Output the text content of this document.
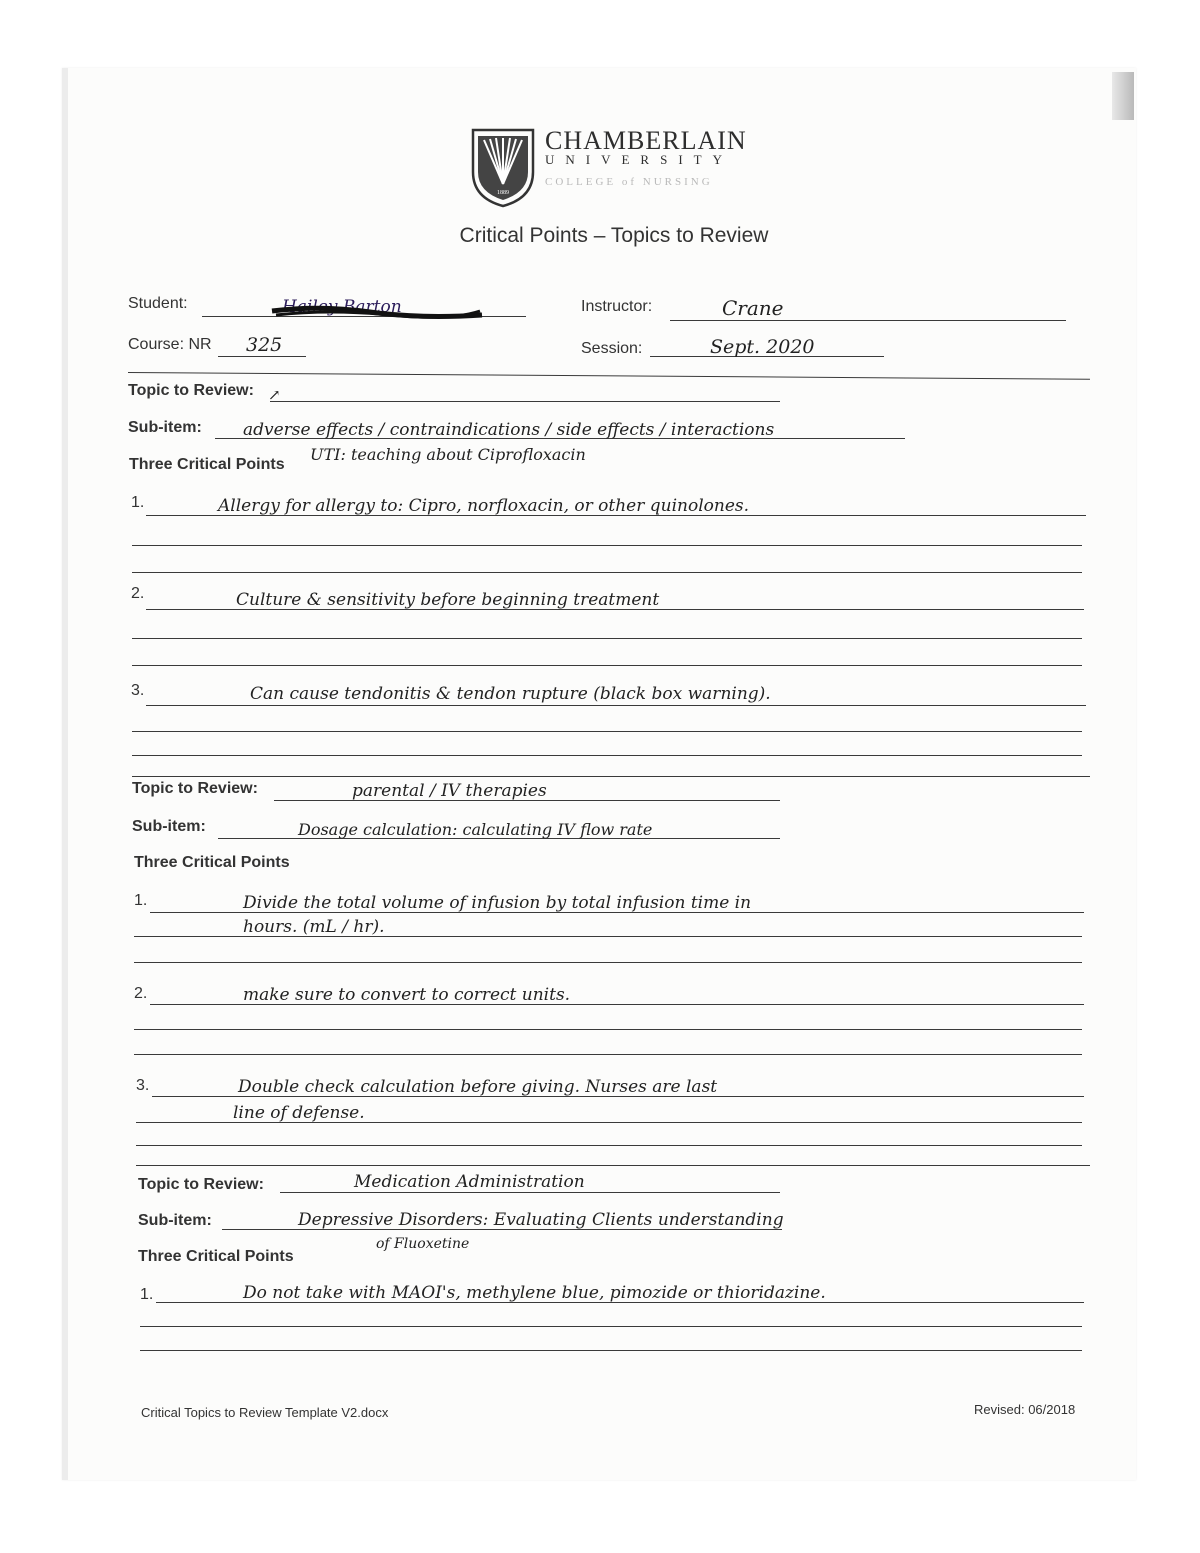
1889
CHAMBERLAIN
UNIVERSITY
COLLEGE of NURSING
Critical Points – Topics to Review
Student:	Hailey Barton	Instructor:	Crane
Course: NR 325	Session:	Sept. 2020
Topic to Review: ↗
Sub-item: adverse effects / contraindications / side effects / interactions
Three Critical Points
UTI: teaching about Ciprofloxacin
1.	Allergy for allergy to: Cipro, norfloxacin, or other quinolones.
2.	Culture & sensitivity before beginning treatment
3.	Can cause tendonitis & tendon rupture (black box warning).
Topic to Review:	parental / IV therapies
Sub-item:	Dosage calculation: calculating IV flow rate
Three Critical Points
1.	Divide the total volume of infusion by total infusion time in
hours. (mL / hr).
2.	make sure to convert to correct units.
3.	Double check calculation before giving. Nurses are last
line of defense.
Topic to Review:	Medication Administration
Sub-item:	Depressive Disorders: Evaluating Clients understanding
Three Critical Points
of Fluoxetine
1.	Do not take with MAOI's, methylene blue, pimozide or thioridazine.
Critical Topics to Review Template V2.docx	Revised: 06/2018
